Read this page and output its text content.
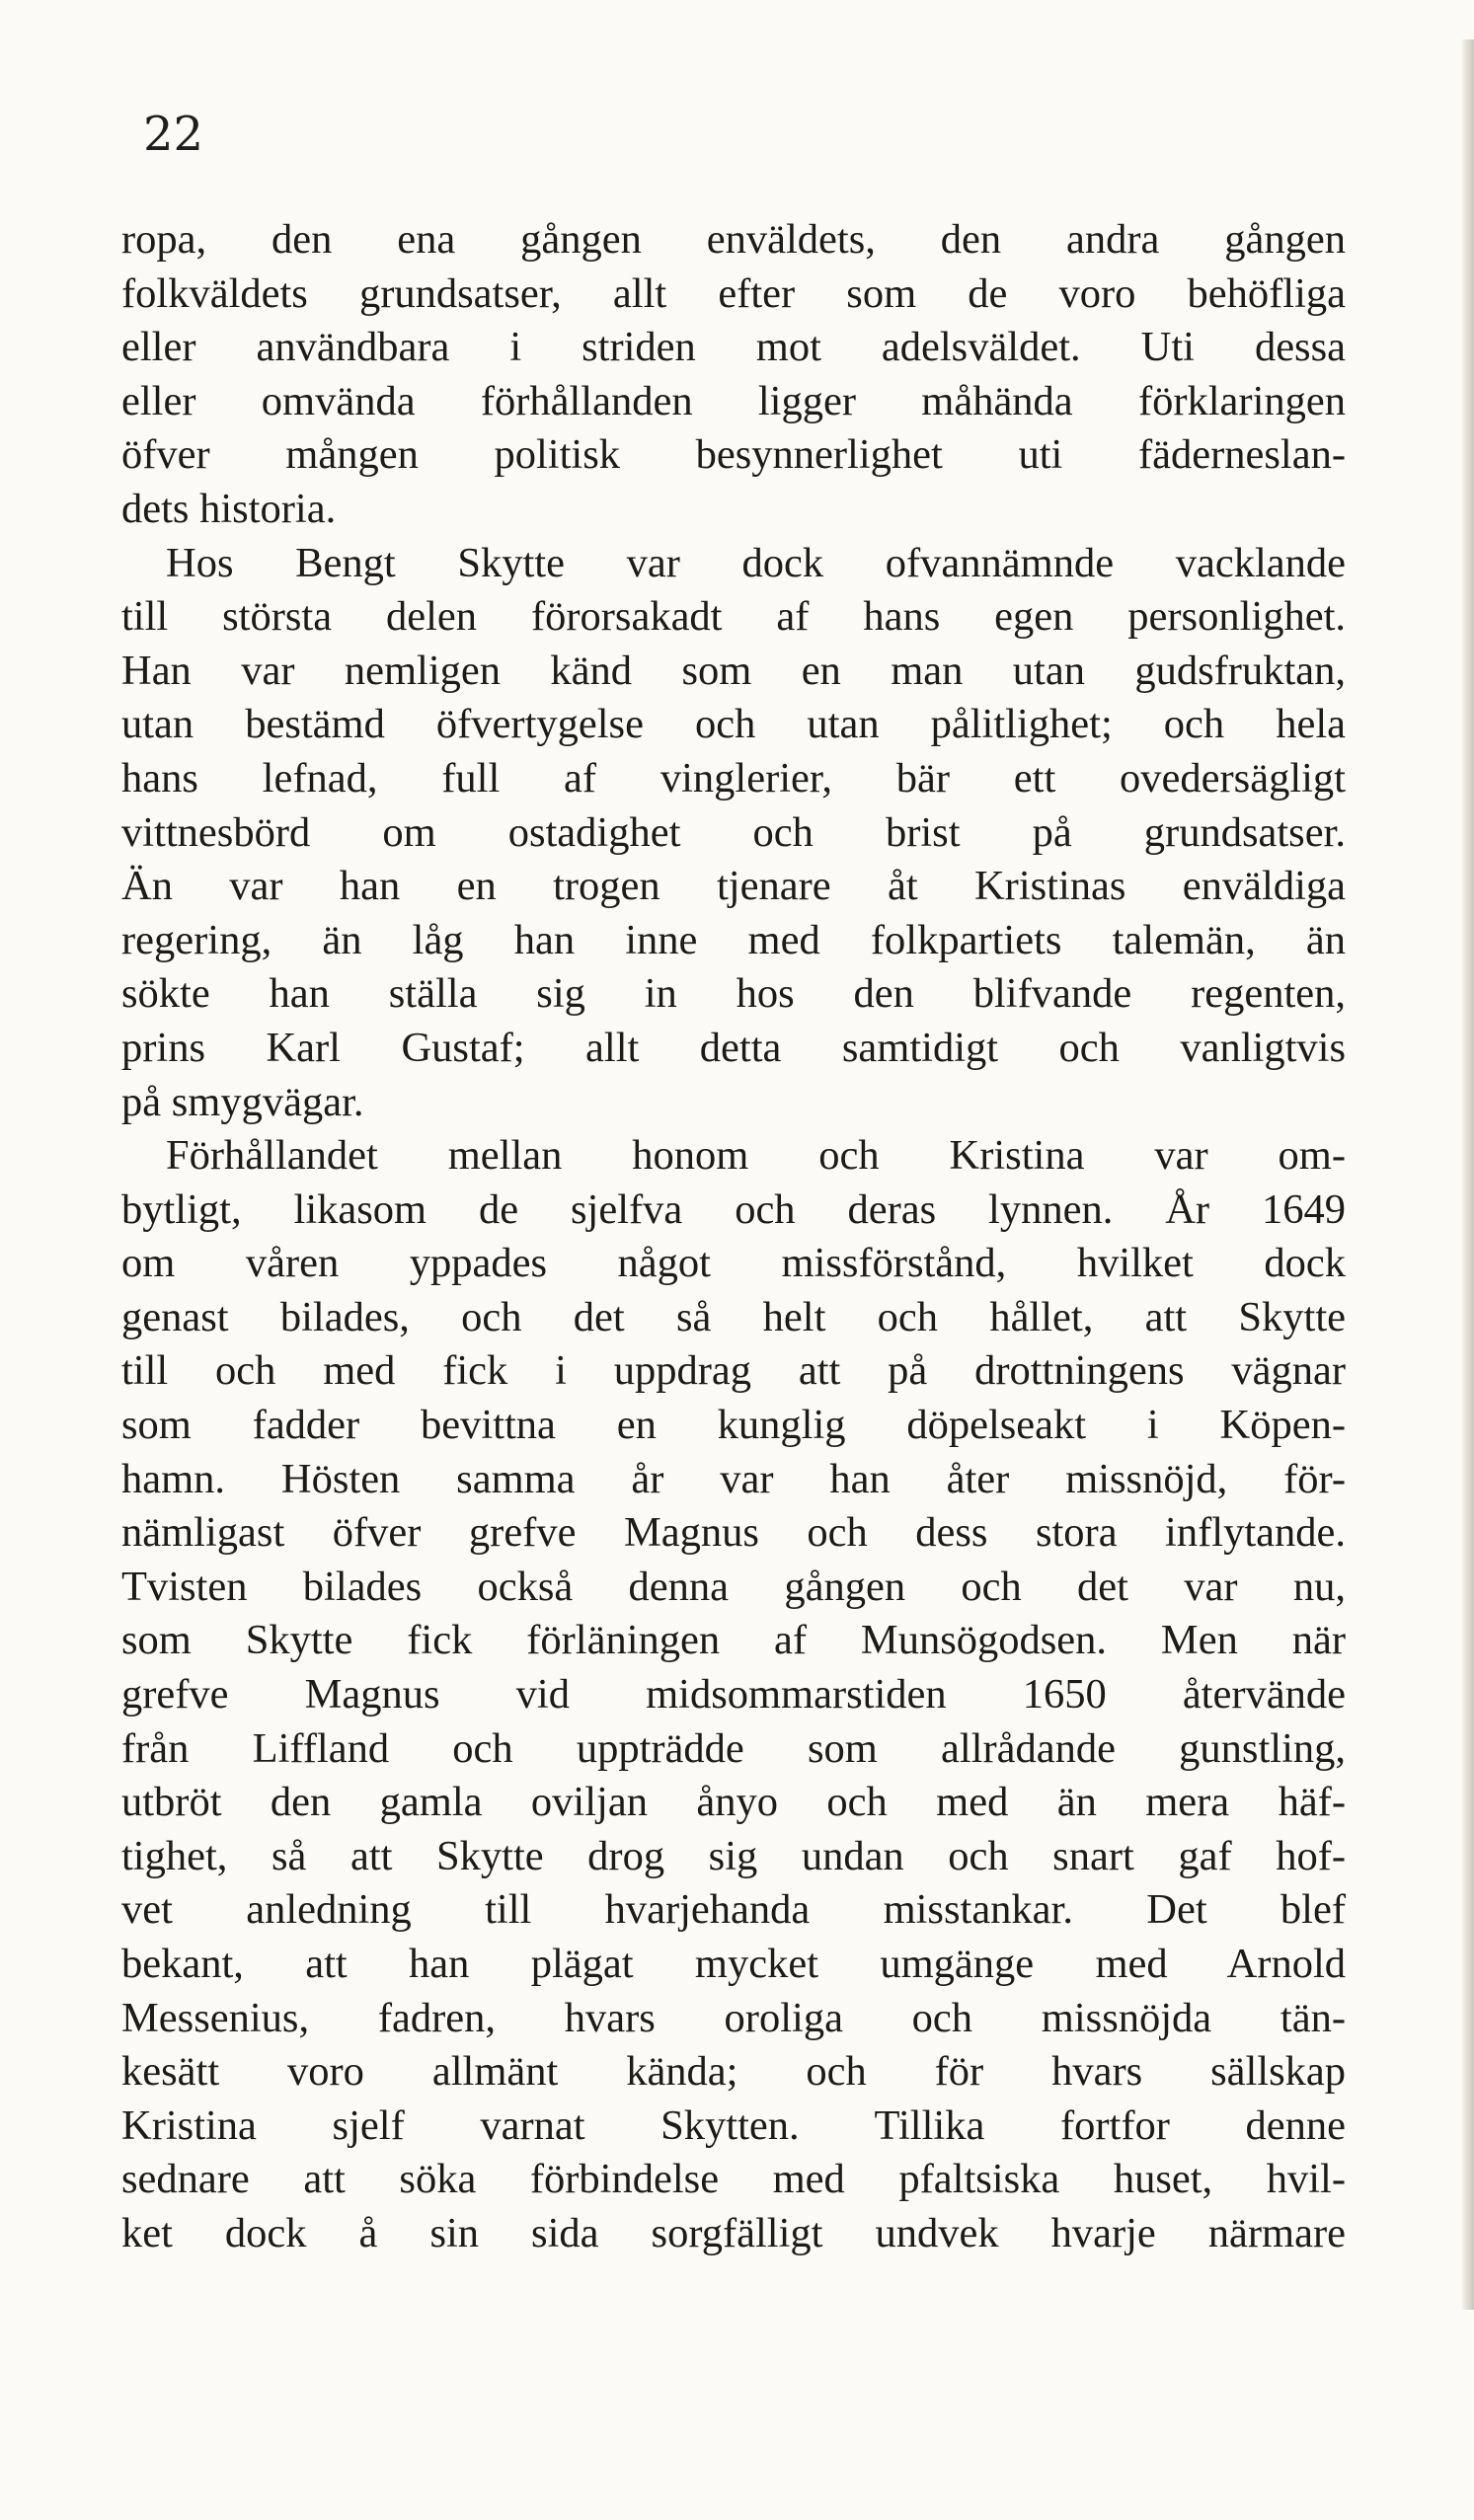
22
ropa, den ena gången enväldets, den andra gången
folkväldets grundsatser, allt efter som de voro behöfliga
eller användbara i striden mot adelsväldet. Uti dessa
eller omvända förhållanden ligger måhända förklaringen
öfver mången politisk besynnerlighet uti fäderneslan-
dets historia.
Hos Bengt Skytte var dock ofvannämnde vacklande
till största delen förorsakadt af hans egen personlighet.
Han var nemligen känd som en man utan gudsfruktan,
utan bestämd öfvertygelse och utan pålitlighet; och hela
hans lefnad, full af vinglerier, bär ett ovedersägligt
vittnesbörd om ostadighet och brist på grundsatser.
Än var han en trogen tjenare åt Kristinas enväldiga
regering, än låg han inne med folkpartiets talemän, än
sökte han ställa sig in hos den blifvande regenten,
prins Karl Gustaf; allt detta samtidigt och vanligtvis
på smygvägar.
Förhållandet mellan honom och Kristina var om-
bytligt, likasom de sjelfva och deras lynnen. År 1649
om våren yppades något missförstånd, hvilket dock
genast bilades, och det så helt och hållet, att Skytte
till och med fick i uppdrag att på drottningens vägnar
som fadder bevittna en kunglig döpelseakt i Köpen-
hamn. Hösten samma år var han åter missnöjd, för-
nämligast öfver grefve Magnus och dess stora inflytande.
Tvisten bilades också denna gången och det var nu,
som Skytte fick förläningen af Munsögodsen. Men när
grefve Magnus vid midsommarstiden 1650 återvände
från Liffland och uppträdde som allrådande gunstling,
utbröt den gamla oviljan ånyo och med än mera häf-
tighet, så att Skytte drog sig undan och snart gaf hof-
vet anledning till hvarjehanda misstankar. Det blef
bekant, att han plägat mycket umgänge med Arnold
Messenius, fadren, hvars oroliga och missnöjda tän-
kesätt voro allmänt kända; och för hvars sällskap
Kristina sjelf varnat Skytten. Tillika fortfor denne
sednare att söka förbindelse med pfaltsiska huset, hvil-
ket dock å sin sida sorgfälligt undvek hvarje närmare
